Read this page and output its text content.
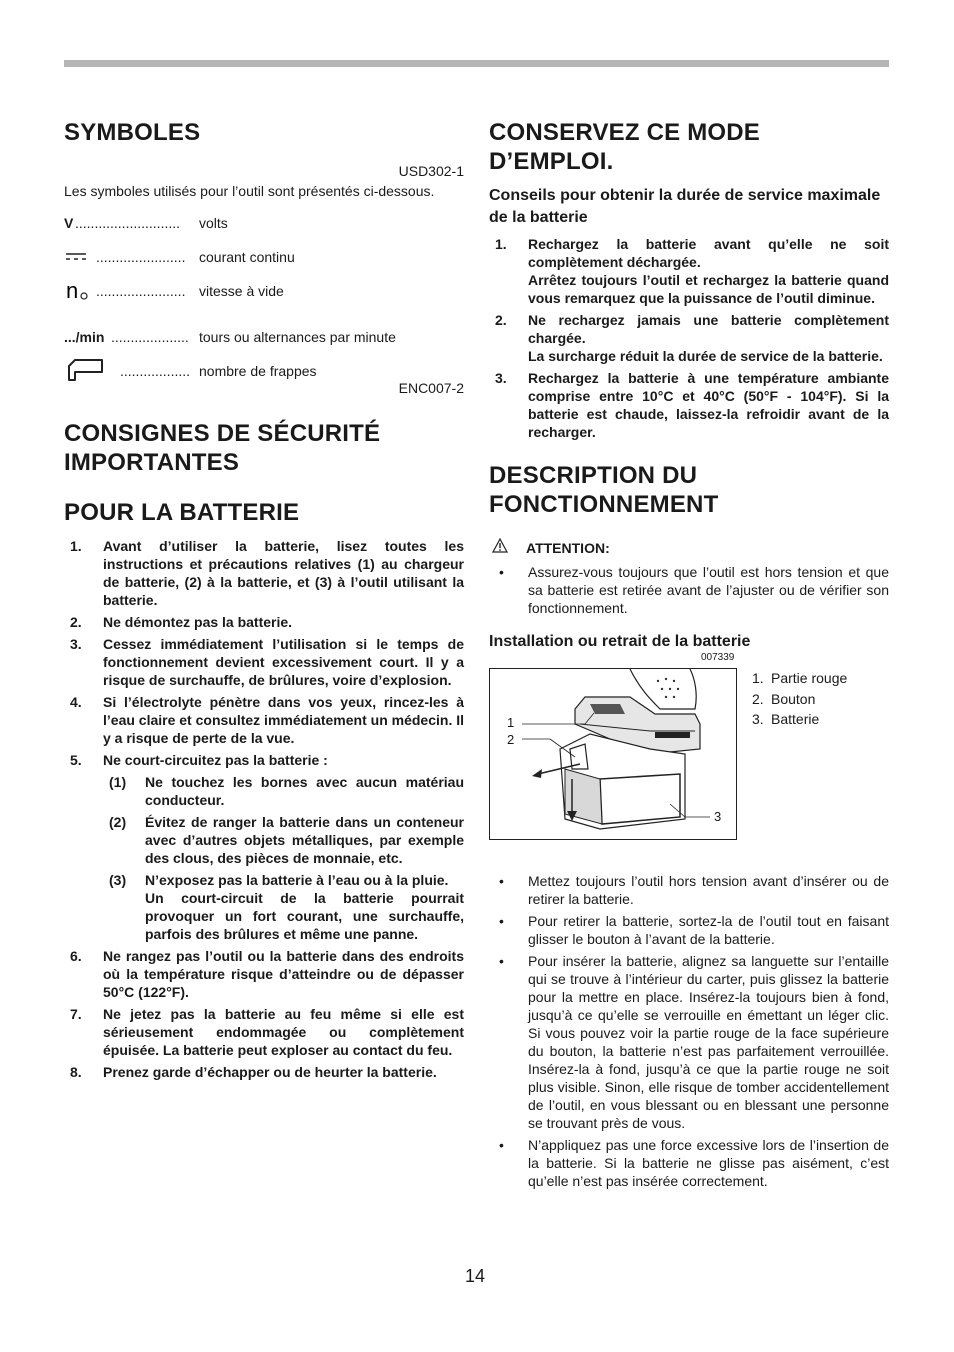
SYMBOLES
USD302-1
Les symboles utilisés pour l’outil sont présentés ci-dessous.
V ........................... volts
....................... courant continu
n ....................... vitesse à vide
.../min .................... tours ou alternances par minute
.................. nombre de frappes
ENC007-2
CONSIGNES DE SÉCURITÉ IMPORTANTES
POUR LA BATTERIE
1. Avant d’utiliser la batterie, lisez toutes les instructions et précautions relatives (1) au chargeur de batterie, (2) à la batterie, et (3) à l’outil utilisant la batterie.
2. Ne démontez pas la batterie.
3. Cessez immédiatement l’utilisation si le temps de fonctionnement devient excessivement court. Il y a risque de surchauffe, de brûlures, voire d’explosion.
4. Si l’électrolyte pénètre dans vos yeux, rincez-les à l’eau claire et consultez immédiatement un médecin. Il y a risque de perte de la vue.
5. Ne court-circuitez pas la batterie :
(1) Ne touchez les bornes avec aucun matériau conducteur.
(2) Évitez de ranger la batterie dans un conteneur avec d’autres objets métalliques, par exemple des clous, des pièces de monnaie, etc.
(3) N’exposez pas la batterie à l’eau ou à la pluie.
Un court-circuit de la batterie pourrait provoquer un fort courant, une surchauffe, parfois des brûlures et même une panne.
6. Ne rangez pas l’outil ou la batterie dans des endroits où la température risque d’atteindre ou de dépasser 50°C (122°F).
7. Ne jetez pas la batterie au feu même si elle est sérieusement endommagée ou complètement épuisée. La batterie peut exploser au contact du feu.
8. Prenez garde d’échapper ou de heurter la batterie.
CONSERVEZ CE MODE D’EMPLOI.
Conseils pour obtenir la durée de service maximale de la batterie
1. Rechargez la batterie avant qu’elle ne soit complètement déchargée.
Arrêtez toujours l’outil et rechargez la batterie quand vous remarquez que la puissance de l’outil diminue.
2. Ne rechargez jamais une batterie complètement chargée.
La surcharge réduit la durée de service de la batterie.
3. Rechargez la batterie à une température ambiante comprise entre 10°C et 40°C (50°F - 104°F). Si la batterie est chaude, laissez-la refroidir avant de la recharger.
DESCRIPTION DU FONCTIONNEMENT
ATTENTION:
• Assurez-vous toujours que l’outil est hors tension et que sa batterie est retirée avant de l’ajuster ou de vérifier son fonctionnement.
Installation ou retrait de la batterie
007339
1
2
3
1. Partie rouge
2. Bouton
3. Batterie
• Mettez toujours l’outil hors tension avant d’insérer ou de retirer la batterie.
• Pour retirer la batterie, sortez-la de l’outil tout en faisant glisser le bouton à l’avant de la batterie.
• Pour insérer la batterie, alignez sa languette sur l’entaille qui se trouve à l’intérieur du carter, puis glissez la batterie pour la mettre en place. Insérez-la toujours bien à fond, jusqu’à ce qu’elle se verrouille en émettant un léger clic. Si vous pouvez voir la partie rouge de la face supérieure du bouton, la batterie n’est pas parfaitement verrouillée. Insérez-la à fond, jusqu’à ce que la partie rouge ne soit plus visible. Sinon, elle risque de tomber accidentellement de l’outil, en vous blessant ou en blessant une personne se trouvant près de vous.
• N’appliquez pas une force excessive lors de l’insertion de la batterie. Si la batterie ne glisse pas aisément, c’est qu’elle n’est pas insérée correctement.
14
